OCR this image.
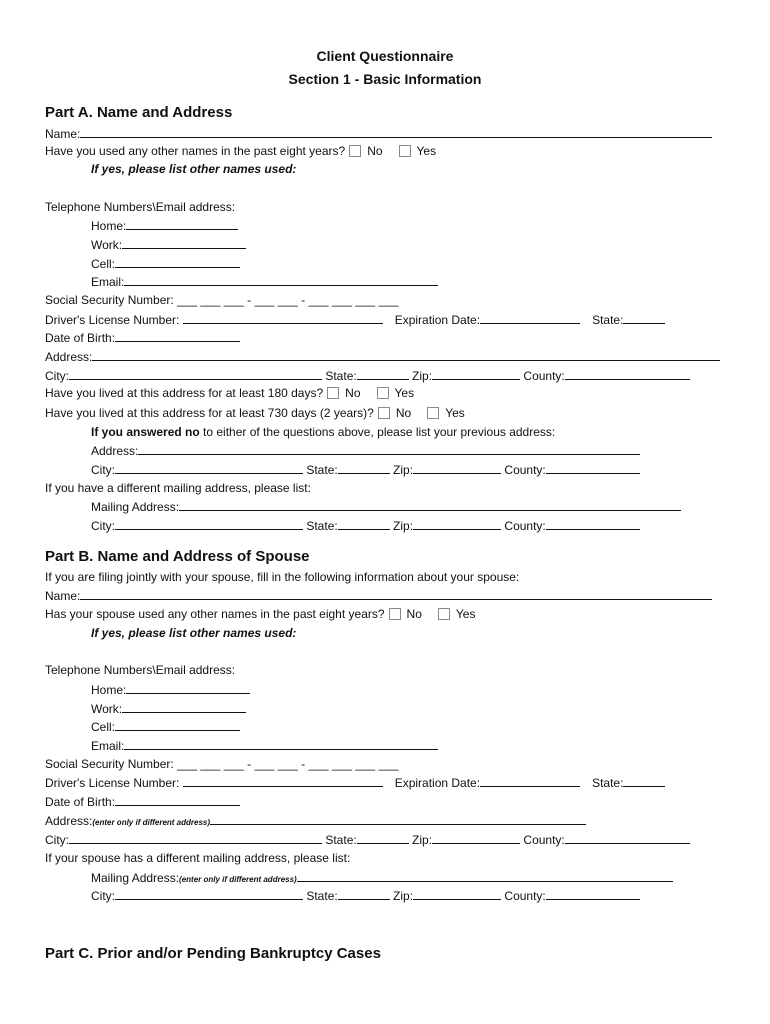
Client Questionnaire
Section 1 - Basic Information
Part A. Name and Address
Name:
Have you used any other names in the past eight years? No	Yes
If yes, please list other names used:
Telephone Numbers\Email address:
Home:
Work:
Cell:
Email:
Social Security Number: ___ ___ ___ - ___ ___ - ___ ___ ___ ___
Driver's License Number:	Expiration Date:	State:
Date of Birth:
Address:
City:	State:	Zip:	County:
Have you lived at this address for at least 180 days? No	Yes
Have you lived at this address for at least 730 days (2 years)? No	Yes
If you answered no to either of the questions above, please list your previous address:
Address:
City:	State:	Zip:	County:
If you have a different mailing address, please list:
Mailing Address:
City:	State:	Zip:	County:
Part B. Name and Address of Spouse
If you are filing jointly with your spouse, fill in the following information about your spouse:
Name:
Has your spouse used any other names in the past eight years? No	Yes
If yes, please list other names used:
Telephone Numbers\Email address:
Home:
Work:
Cell:
Email:
Social Security Number: ___ ___ ___ - ___ ___ - ___ ___ ___ ___
Driver's License Number:	Expiration Date:	State:
Date of Birth:
Address:(enter only if different address)
City:	State:	Zip:	County:
If your spouse has a different mailing address, please list:
Mailing Address:(enter only if different address)
City:	State:	Zip:	County:
Part C. Prior and/or Pending Bankruptcy Cases
